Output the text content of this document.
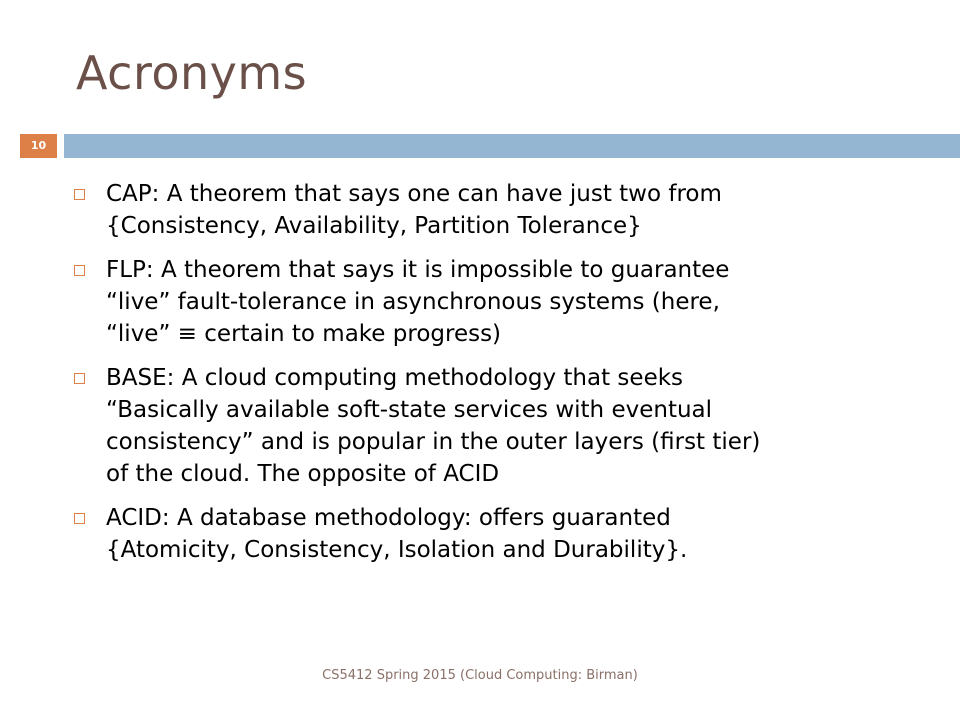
Acronyms
10
CAP: A theorem that says one can have just two from
{Consistency, Availability, Partition Tolerance}
FLP: A theorem that says it is impossible to guarantee
“live” fault-tolerance in asynchronous systems (here,
“live” ≡ certain to make progress)
BASE: A cloud computing methodology that seeks
“Basically available soft-state services with eventual
consistency” and is popular in the outer layers (first tier)
of the cloud. The opposite of ACID
ACID: A database methodology: offers guaranted
{Atomicity, Consistency, Isolation and Durability}.
CS5412 Spring 2015 (Cloud Computing: Birman)
